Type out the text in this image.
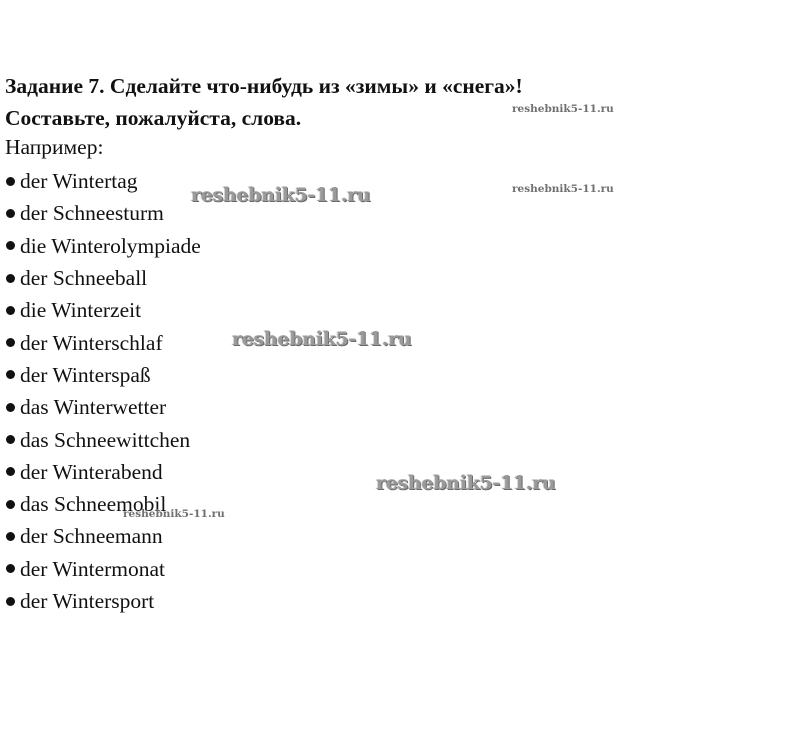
Задание 7. Сделайте что-нибудь из «зимы» и «снега»!
Составьте, пожалуйста, слова.
Например:
der Wintertag
der Schneesturm
die Winterolympiade
der Schneeball
die Winterzeit
der Winterschlaf
der Winterspaß
das Winterwetter
das Schneewittchen
der Winterabend
das Schneemobil
der Schneemann
der Wintermonat
der Wintersport
reshebnik5-11.ru
reshebnik5-11.ru
reshebnik5-11.ru
reshebnik5-11.ru
reshebnik5-11.ru
reshebnik5-11.ru
